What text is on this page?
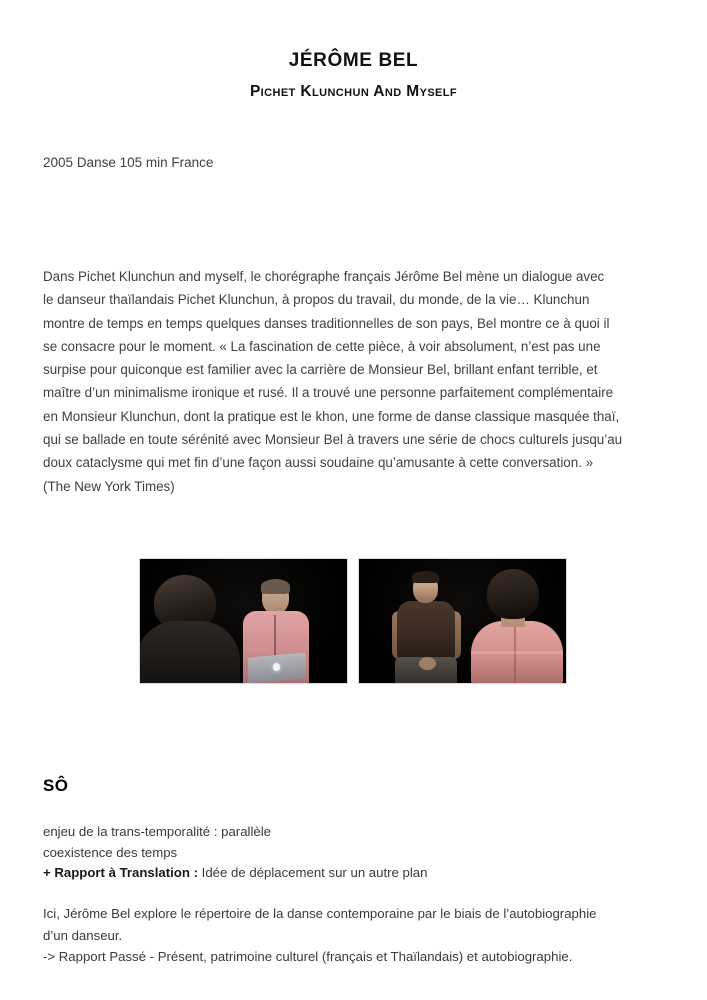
JÉRÔME BEL
Pichet Klunchun And Myself
2005 Danse 105 min France
Dans Pichet Klunchun and myself, le chorégraphe français Jérôme Bel mène un dialogue avec
le danseur thaïlandais Pichet Klunchun, à propos du travail, du monde, de la vie… Klunchun
montre de temps en temps quelques danses traditionnelles de son pays, Bel montre ce à quoi il
se consacre pour le moment. « La fascination de cette pièce, à voir absolument, n’est pas une
surpise pour quiconque est familier avec la carrière de Monsieur Bel, brillant enfant terrible, et
maître d’un minimalisme ironique et rusé. Il a trouvé une personne parfaitement complémentaire
en Monsieur Klunchun, dont la pratique est le khon, une forme de danse classique masquée thaï,
qui se ballade en toute sérénité avec Monsieur Bel à travers une série de chocs culturels jusqu’au
doux cataclysme qui met fin d’une façon aussi soudaine qu’amusante à cette conversation. »
(The New York Times)
SÔ
enjeu de la trans-temporalité : parallèle
coexistence des temps
+ Rapport à Translation : Idée de déplacement sur un autre plan
Ici, Jérôme Bel explore le répertoire de la danse contemporaine par le biais de l’autobiographie
d’un danseur.
-> Rapport Passé - Présent, patrimoine culturel (français et Thaïlandais) et autobiographie.
